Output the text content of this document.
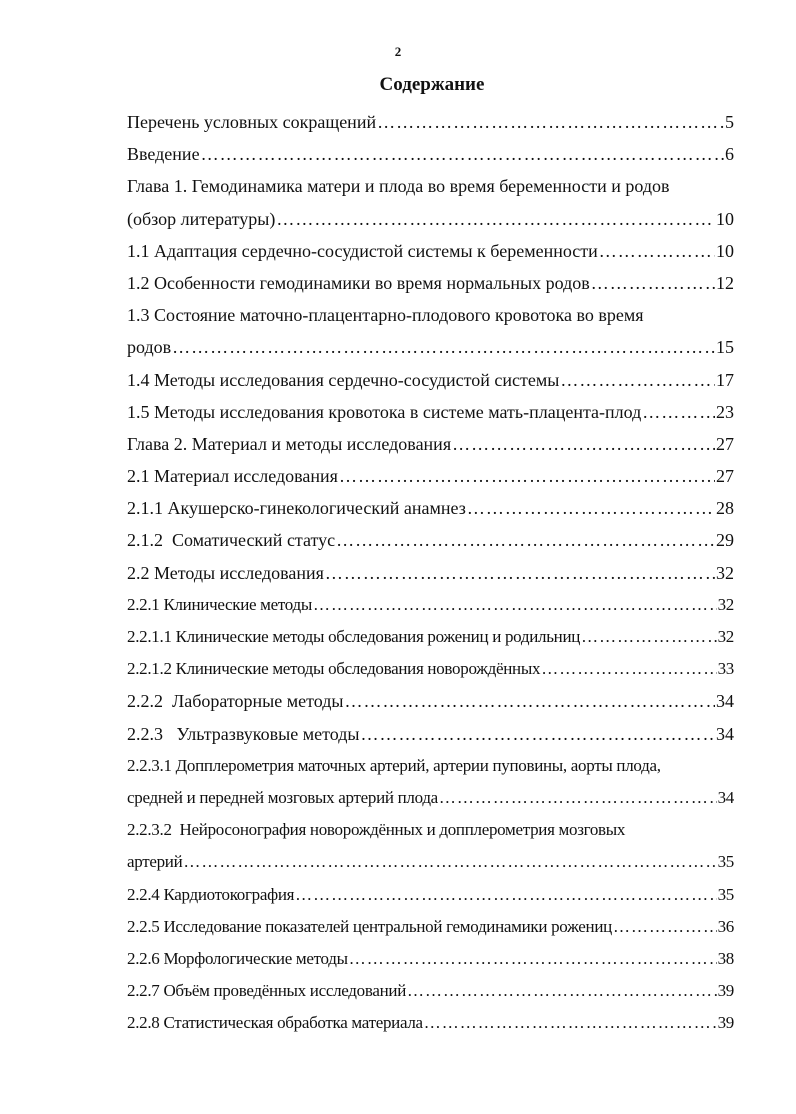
2
Содержание
Перечень условных сокращений ……………………………………………………………………………………………………………………………………………………………………	5
Введение ……………………………………………………………………………………………………………………………………………………………………	6
Глава 1. Гемодинамика матери и плода во время беременности и родов
(обзор литературы) ……………………………………………………………………………………………………………………………………………………………………	10
1.1 Адаптация сердечно-сосудистой системы к беременности ……………………………………………………………………………………………………………………………………………………………………	10
1.2 Особенности гемодинамики во время нормальных родов ……………………………………………………………………………………………………………………………………………………………………	12
1.3 Состояние маточно-плацентарно-плодового кровотока во время
родов ……………………………………………………………………………………………………………………………………………………………………	15
1.4 Методы исследования сердечно-сосудистой системы ……………………………………………………………………………………………………………………………………………………………………	17
1.5 Методы исследования кровотока в системе мать-плацента-плод ……………………………………………………………………………………………………………………………………………………………………	23
Глава 2. Материал и методы исследования ……………………………………………………………………………………………………………………………………………………………………	27
2.1 Материал исследования ……………………………………………………………………………………………………………………………………………………………………	27
2.1.1 Акушерско-гинекологический анамнез ……………………………………………………………………………………………………………………………………………………………………	28
2.1.2  Соматический статус ……………………………………………………………………………………………………………………………………………………………………	29
2.2 Методы исследования ……………………………………………………………………………………………………………………………………………………………………	32
2.2.1 Клинические методы ……………………………………………………………………………………………………………………………………………………………………	32
2.2.1.1 Клинические методы обследования рожениц и родильниц ……………………………………………………………………………………………………………………………………………………………………	32
2.2.1.2 Клинические методы обследования новорождённых ……………………………………………………………………………………………………………………………………………………………………	33
2.2.2  Лабораторные методы ……………………………………………………………………………………………………………………………………………………………………	34
2.2.3   Ультразвуковые методы ……………………………………………………………………………………………………………………………………………………………………	34
2.2.3.1 Допплерометрия маточных артерий, артерии пуповины, аорты плода,
средней и передней мозговых артерий плода ……………………………………………………………………………………………………………………………………………………………………	34
2.2.3.2  Нейросонография новорождённых и допплерометрия мозговых
артерий ……………………………………………………………………………………………………………………………………………………………………	35
2.2.4 Кардиотокография ……………………………………………………………………………………………………………………………………………………………………	35
2.2.5 Исследование показателей центральной гемодинамики рожениц ……………………………………………………………………………………………………………………………………………………………………	36
2.2.6 Морфологические методы ……………………………………………………………………………………………………………………………………………………………………	38
2.2.7 Объём проведённых исследований ……………………………………………………………………………………………………………………………………………………………………	39
2.2.8 Статистическая обработка материала ……………………………………………………………………………………………………………………………………………………………………	39
